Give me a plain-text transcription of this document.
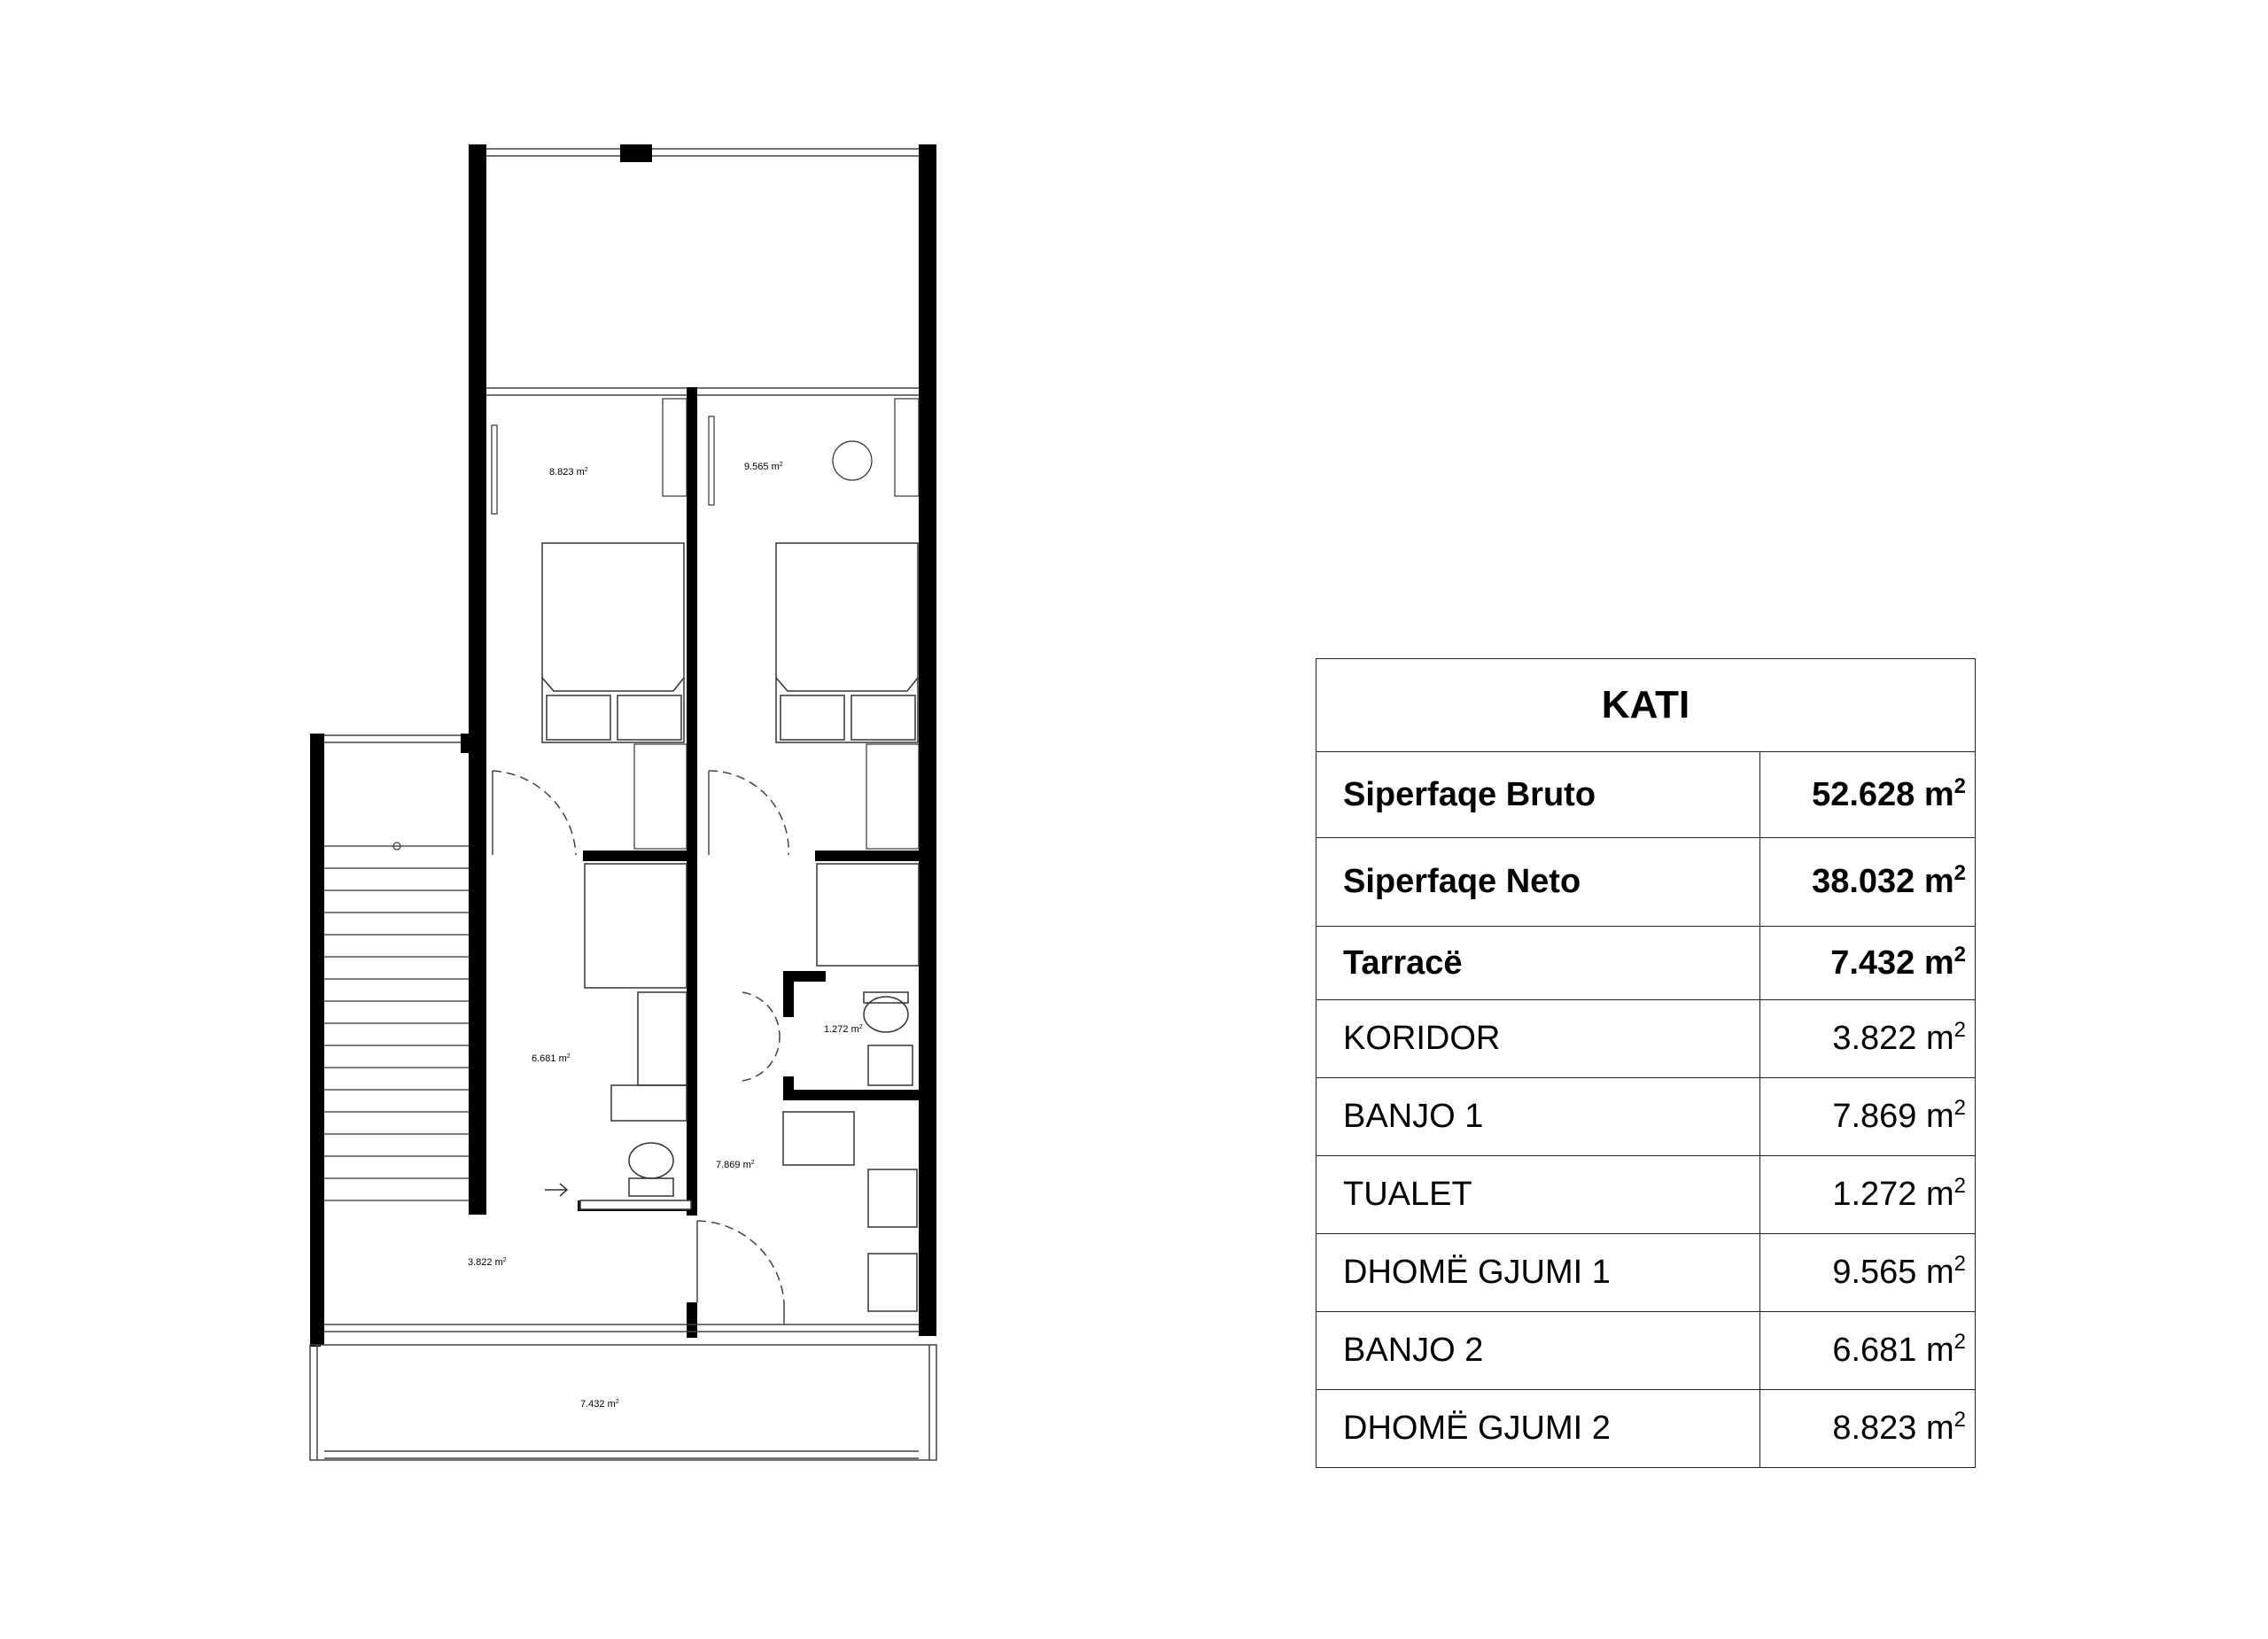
8.823 $m^2$	9.565 $m^2$
6.681 $m^2$
1.272 $m^2$
7.869 $m^2$
3.822 $m^2$
7.432 $m^2$
KATI	
Siperfaqe Bruto	52.628 $m^2$
Siperfaqe Neto	38.032 $m^2$
Tarracë	7.432 $m^2$
KORIDOR	3.822 $m^2$
BANJO 1	7.869 $m^2$
TUALET	1.272 $m^2$
DHOMË GJUMI 1	9.565 $m^2$
BANJO 2	6.681 $m^2$
DHOMË GJUMI 2	8.823 $m^2$
